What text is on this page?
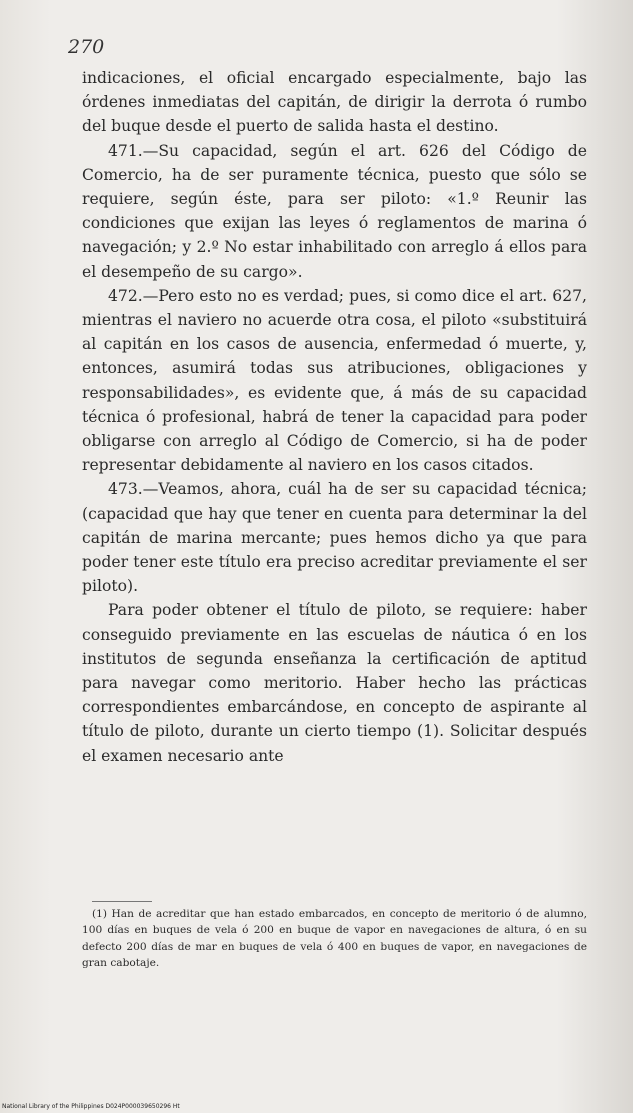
270

indicaciones, el oficial encargado especialmente, bajo las órdenes inmediatas del capitán, de dirigir la derrota ó rumbo del buque desde el puerto de salida hasta el destino.

471.—Su capacidad, según el art. 626 del Código de Comercio, ha de ser puramente técnica, puesto que sólo se requiere, según éste, para ser piloto: «1.º Reunir las condiciones que exijan las leyes ó reglamentos de marina ó navegación; y 2.º No estar inhabilitado con arreglo á ellos para el desempeño de su cargo».

472.—Pero esto no es verdad; pues, si como dice el art. 627, mientras el naviero no acuerde otra cosa, el piloto «substituirá al capitán en los casos de ausencia, enfermedad ó muerte, y, entonces, asumirá todas sus atribuciones, obligaciones y responsabilidades», es evidente que, á más de su capacidad técnica ó profesional, habrá de tener la capacidad para poder obligarse con arreglo al Código de Comercio, si ha de poder representar debidamente al naviero en los casos citados.

473.—Veamos, ahora, cuál ha de ser su capacidad técnica; (capacidad que hay que tener en cuenta para determinar la del capitán de marina mercante; pues hemos dicho ya que para poder tener este título era preciso acreditar previamente el ser piloto).

Para poder obtener el título de piloto, se requiere: haber conseguido previamente en las escuelas de náutica ó en los institutos de segunda enseñanza la certificación de aptitud para navegar como meritorio. Haber hecho las prácticas correspondientes embarcándose, en concepto de aspirante al título de piloto, durante un cierto tiempo (1). Solicitar después el examen necesario ante

(1) Han de acreditar que han estado embarcados, en concepto de meritorio ó de alumno, 100 días en buques de vela ó 200 en buque de vapor en navegaciones de altura, ó en su defecto 200 días de mar en buques de vela ó 400 en buques de vapor, en navegaciones de gran cabotaje.

National Library of the Philippines D024P000039650296 Ht
